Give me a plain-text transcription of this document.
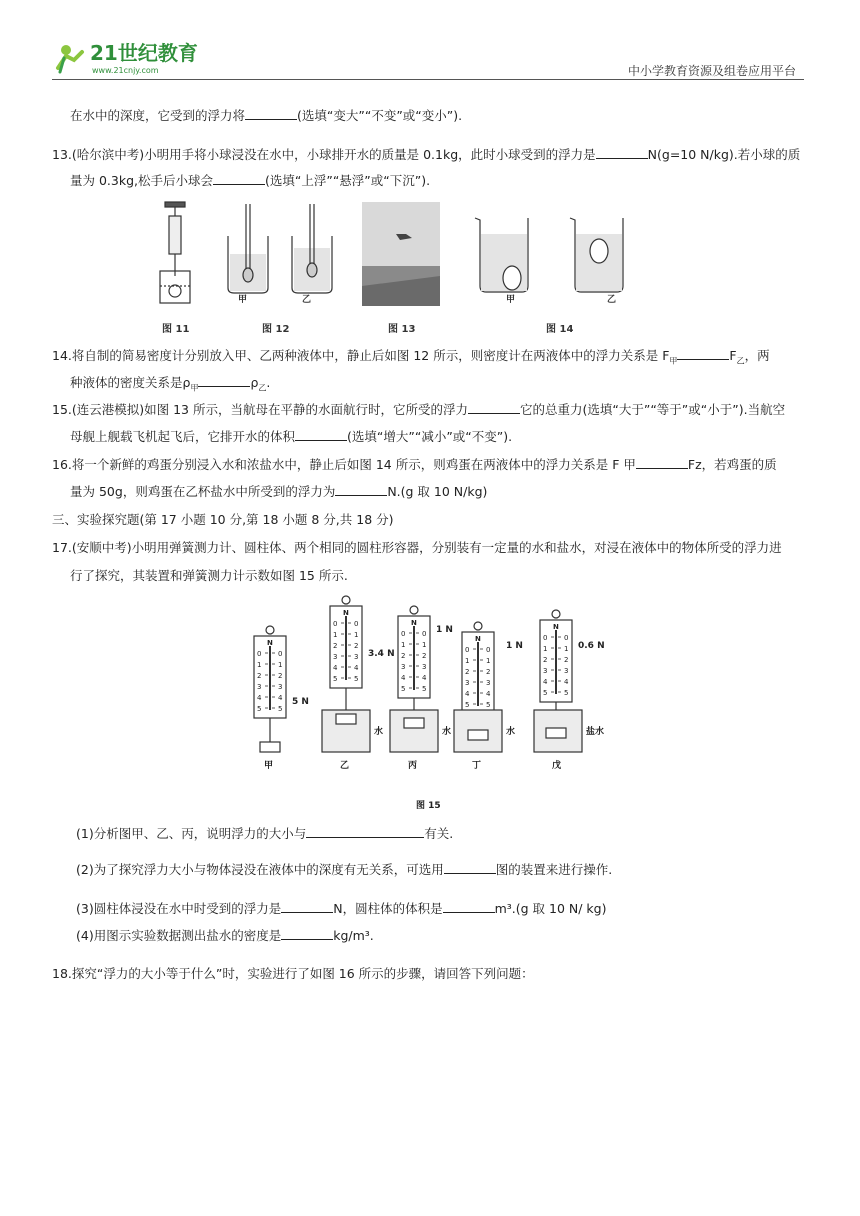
21世纪教育
www.21cnjy.com	中小学教育资源及组卷应用平台
在水中的深度，它受到的浮力将	(选填“变大”“不变”或“变小”).
13.(哈尔滨中考)小明用手将小球浸没在水中，小球排开水的质量是 0.1kg，此时小球受到的浮力是	N(g=10 N/kg).若小球的质
量为 0.3kg,松手后小球会	(选填“上浮”“悬浮”或“下沉”).
甲	乙	甲	乙
图 11	图 12	图 13	图 14
14.将自制的简易密度计分别放入甲、乙两种液体中，静止后如图 12 所示，则密度计在两液体中的浮力关系是 $F_甲$	$F_乙$，两
种液体的密度关系是$\rho_甲$	$\rho_乙$.
15.(连云港模拟)如图 13 所示，当航母在平静的水面航行时，它所受的浮力	它的总重力(选填“大于”“等于”或“小于”).当航空
母舰上舰载飞机起飞后，它排开水的体积	(选填“增大”“减小”或“不变”).
16.将一个新鲜的鸡蛋分别浸入水和浓盐水中，静止后如图 14 所示，则鸡蛋在两液体中的浮力关系是 F 甲	Fz，若鸡蛋的质
量为 50g，则鸡蛋在乙杯盐水中所受到的浮力为	N.(g 取 10 N/kg)
三、实验探究题(第 17 小题 10 分,第 18 小题 8 分,共 18 分)
17.(安顺中考)小明用弹簧测力计、圆柱体、两个相同的圆柱形容器，分别装有一定量的水和盐水，对浸在液体中的物体所受的浮力进
行了探究，其装置和弹簧测力计示数如图 15 所示.
N
0 0
1 1
2 2
3 3
4 4
5 5
5 N
甲
N
0 0
1 1
2 2
3 3
4 4
5 5
3.4 N
水
乙
N
0 0
1 1
2 2
3 3
4 4
5 5
1 N
水
丙
N
0 0
1 1
2 2
3 3
4 4
5 5
1 N
水
丁
N
0 0
1 1
2 2
3 3
4 4
5 5
0.6 N
盐水
戊
图 15
(1)分析图甲、乙、丙，说明浮力的大小与	有关.
(2)为了探究浮力大小与物体浸没在液体中的深度有无关系，可选用	图的装置来进行操作.
(3)圆柱体浸没在水中时受到的浮力是	N，圆柱体的体积是	m³.(g 取 10 N/ kg)
(4)用图示实验数据测出盐水的密度是	kg/m³.
18.探究“浮力的大小等于什么”时，实验进行了如图 16 所示的步骤，请回答下列问题：
